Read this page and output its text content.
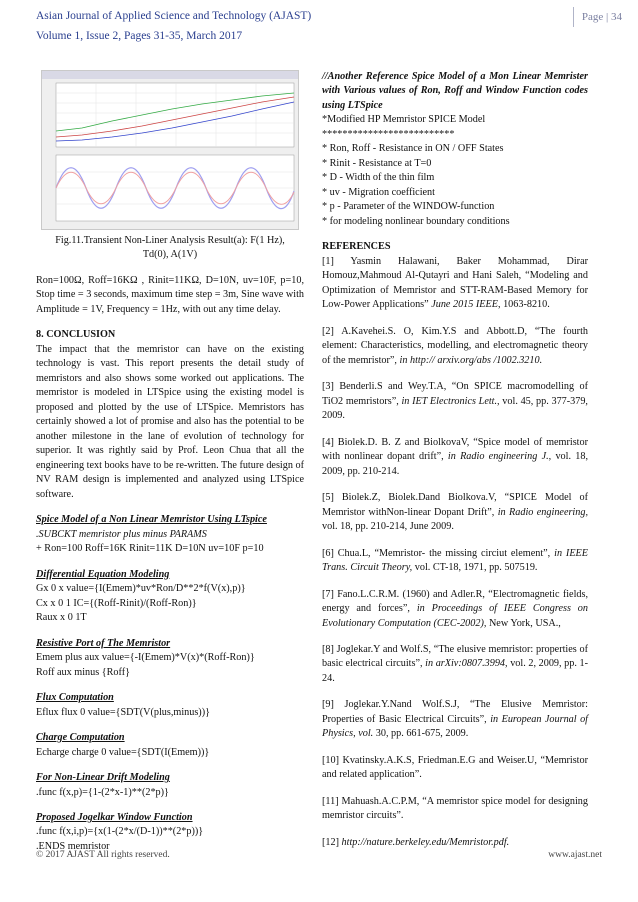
Asian Journal of Applied Science and Technology (AJAST)
Volume 1, Issue 2, Pages 31-35, March 2017
Page | 34

Fig.11.Transient Non-Liner Analysis Result(a): F(1 Hz),

Td(0), A(1V)

Ron=100Ω, Roff=16KΩ , Rinit=11KΩ, D=10N, uv=10F, p=10, Stop time = 3 seconds, maximum time step = 3m, Sine wave with Amplitude = 1V, Frequency = 1Hz, with out any time delay.

8. CONCLUSION

The impact that the memristor can have on the existing technology is vast. This report presents the detail study of memristors and also shows some worked out applications. The memristor is modeled in LTSpice using the existing model is proposed and plotted by the use of LTSpice. Memristors has certainly showed a lot of promise and also has the potential to be another milestone in the lane of evolution of technology for superior. It was rightly said by Prof. Leon Chua that all the engineering text books have to be re-written. The future design of NV RAM design is implemented and analyzed using LTSpice software.

Spice Model of a Non Linear Memristor Using LTspice

.SUBCKT memristor plus minus PARAMS

+ Ron=100 Roff=16K Rinit=11K D=10N uv=10F p=10

Differential Equation Modeling

Gx 0 x value={I(Emem)*uv*Ron/D**2*f(V(x),p)}

Cx x 0 1 IC={(Roff-Rinit)/(Roff-Ron)}

Raux x 0 1T

Resistive Port of The Memristor

Emem plus aux value={-I(Emem)*V(x)*(Roff-Ron)}

Roff aux minus {Roff}

Flux Computation

Eflux flux 0 value={SDT(V(plus,minus))}

Charge Computation

Echarge charge 0 value={SDT(I(Emem))}

For Non-Linear Drift Modeling

.func f(x,p)={1-(2*x-1)**(2*p)}

Proposed Jogelkar Window Function

.func f(x,i,p)={x(1-(2*x/(D-1))**(2*p))}

.ENDS memristor

//Another Reference Spice Model of a Mon Linear Memrister with Various values of Ron, Roff and Window Function codes using LTSpice

*Modified HP Memristor SPICE Model

**************************

* Ron, Roff - Resistance in ON / OFF States

* Rinit - Resistance at T=0

* D - Width of the thin film

* uv - Migration coefficient

* p - Parameter of the WINDOW-function

* for modeling nonlinear boundary conditions

REFERENCES

[1] Yasmin Halawani, Baker Mohammad, Dirar Homouz,Mahmoud Al-Qutayri and Hani Saleh, “Modeling and Optimization of Memristor and STT-RAM-Based Memory for Low-Power Applications” June 2015 IEEE, 1063-8210.

[2] A.Kavehei.S. O, Kim.Y.S and Abbott.D, “The fourth element: Characteristics, modelling, and electromagnetic theory of the memristor”, in http:// arxiv.org/abs /1002.3210.

[3] Benderli.S and Wey.T.A, “On SPICE macromodelling of TiO2 memristors”, in IET Electronics Lett., vol. 45, pp. 377-379, 2009.

[4] Biolek.D. B. Z and BiolkovaV, “Spice model of memristor with nonlinear dopant drift”, in Radio engineering J., vol. 18, 2009, pp. 210-214.

[5] Biolek.Z, Biolek.Dand Biolkova.V, “SPICE Model of Memristor withNon-linear Dopant Drift”, in Radio engineering, vol. 18, pp. 210-214, June 2009.

[6] Chua.L, “Memristor- the missing circiut element”, in IEEE Trans. Circuit Theory, vol. CT-18, 1971, pp. 507519.

[7] Fano.L.C.R.M. (1960) and Adler.R, “Electromagnetic fields, energy and forces”, in Proceedings of IEEE Congress on Evolutionary Computation (CEC-2002), New York, USA.,

[8] Joglekar.Y and Wolf.S, “The elusive memristor: properties of basic electrical circuits”, in arXiv:0807.3994, vol. 2, 2009, pp. 1-24.

[9] Joglekar.Y.Nand Wolf.S.J, “The Elusive Memristor: Properties of Basic Electrical Circuits”, in European Journal of Physics, vol. 30, pp. 661-675, 2009.

[10] Kvatinsky.A.K.S, Friedman.E.G and Weiser.U, “Memristor and related application”.

[11] Mahuash.A.C.P.M, “A memristor spice model for designing memristor circuits”.

[12] http://nature.berkeley.edu/Memristor.pdf.

© 2017 AJAST All rights reserved.	www.ajast.net
